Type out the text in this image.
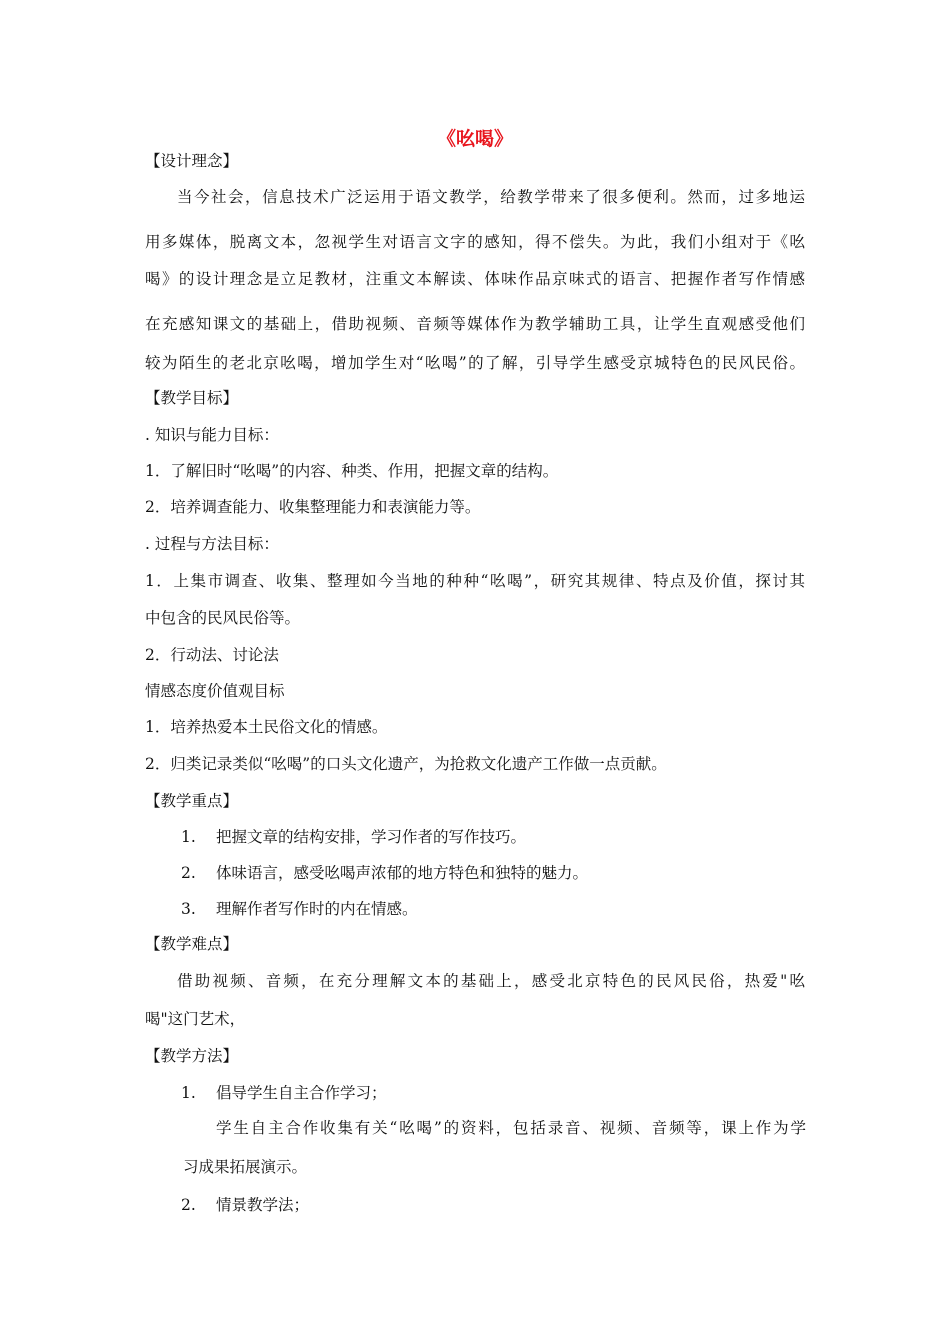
《吆喝》
【设计理念】
当今社会，信息技术广泛运用于语文教学，给教学带来了很多便利。然而，过多地运
用多媒体，脱离文本，忽视学生对语言文字的感知，得不偿失。为此，我们小组对于《吆
喝》的设计理念是立足教材，注重文本解读、体味作品京味式的语言、把握作者写作情感
在充感知课文的基础上，借助视频、音频等媒体作为教学辅助工具，让学生直观感受他们
较为陌生的老北京吆喝，增加学生对“吆喝”的了解，引导学生感受京城特色的民风民俗。
【教学目标】
. 知识与能力目标：
1．了解旧时“吆喝”的内容、种类、作用，把握文章的结构。
2．培养调查能力、收集整理能力和表演能力等。
. 过程与方法目标：
1．上集市调查、收集、整理如今当地的种种“吆喝”，研究其规律、特点及价值，探讨其
中包含的民风民俗等。
2．行动法、讨论法
情感态度价值观目标
1．培养热爱本土民俗文化的情感。
2．归类记录类似“吆喝”的口头文化遗产，为抢救文化遗产工作做一点贡献。
【教学重点】
1. 把握文章的结构安排，学习作者的写作技巧。
2. 体味语言，感受吆喝声浓郁的地方特色和独特的魅力。
3. 理解作者写作时的内在情感。
【教学难点】
借助视频、音频，在充分理解文本的基础上，感受北京特色的民风民俗，热爱"吆
喝"这门艺术，
【教学方法】
1. 倡导学生自主合作学习；
学生自主合作收集有关“吆喝”的资料，包括录音、视频、音频等，课上作为学
习成果拓展演示。
2. 情景教学法；
